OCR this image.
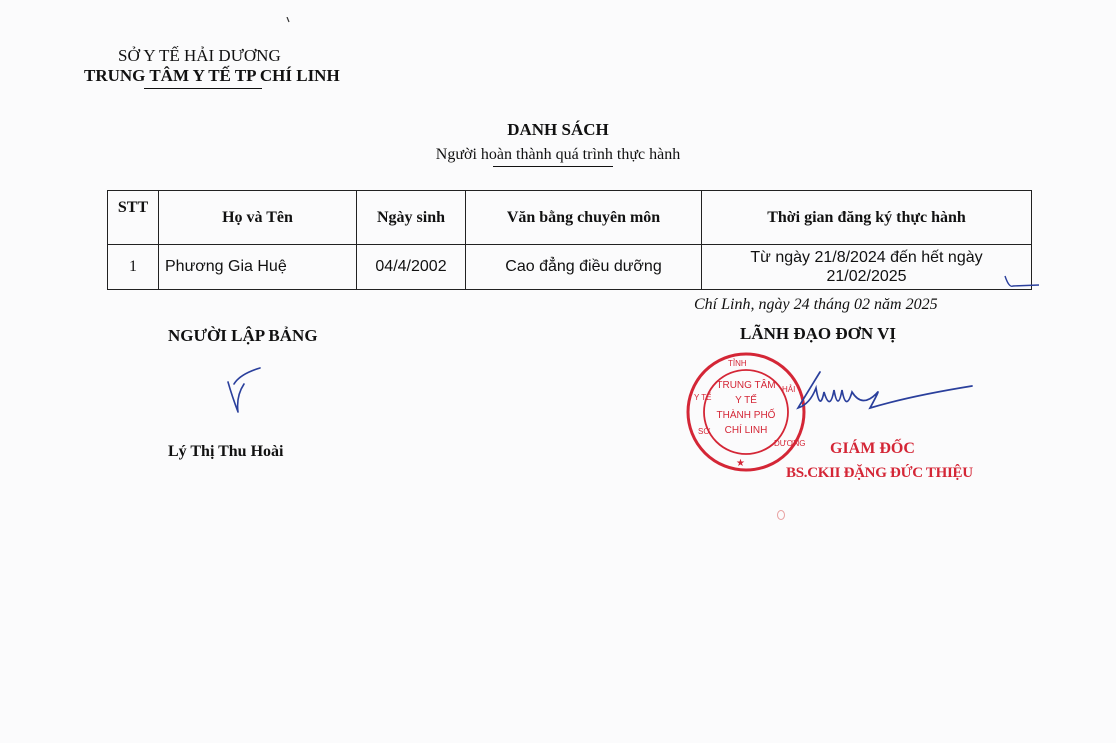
SỞ Y TẾ HẢI DƯƠNG
TRUNG TÂM Y TẾ TP CHÍ LINH
DANH SÁCH
Người hoàn thành quá trình thực hành
STT	Họ và Tên	Ngày sinh	Văn bằng chuyên môn	Thời gian đăng ký thực hành
1	Phương Gia Huệ	04/4/2002	Cao đẳng điều dưỡng	Từ ngày 21/8/2024 đến hết ngày
21/02/2025
Chí Linh, ngày 24 tháng 02 năm 2025
NGƯỜI LẬP BẢNG	LÃNH ĐẠO ĐƠN VỊ
Lý Thị Thu Hoài
TRUNG TÂM
Y TẾ
THÀNH PHỐ
CHÍ LINH
TỈNH
Y TẾ
HẢI
DƯƠNG
SỞ
★
GIÁM ĐỐC
BS.CKII ĐẶNG ĐỨC THIỆU
